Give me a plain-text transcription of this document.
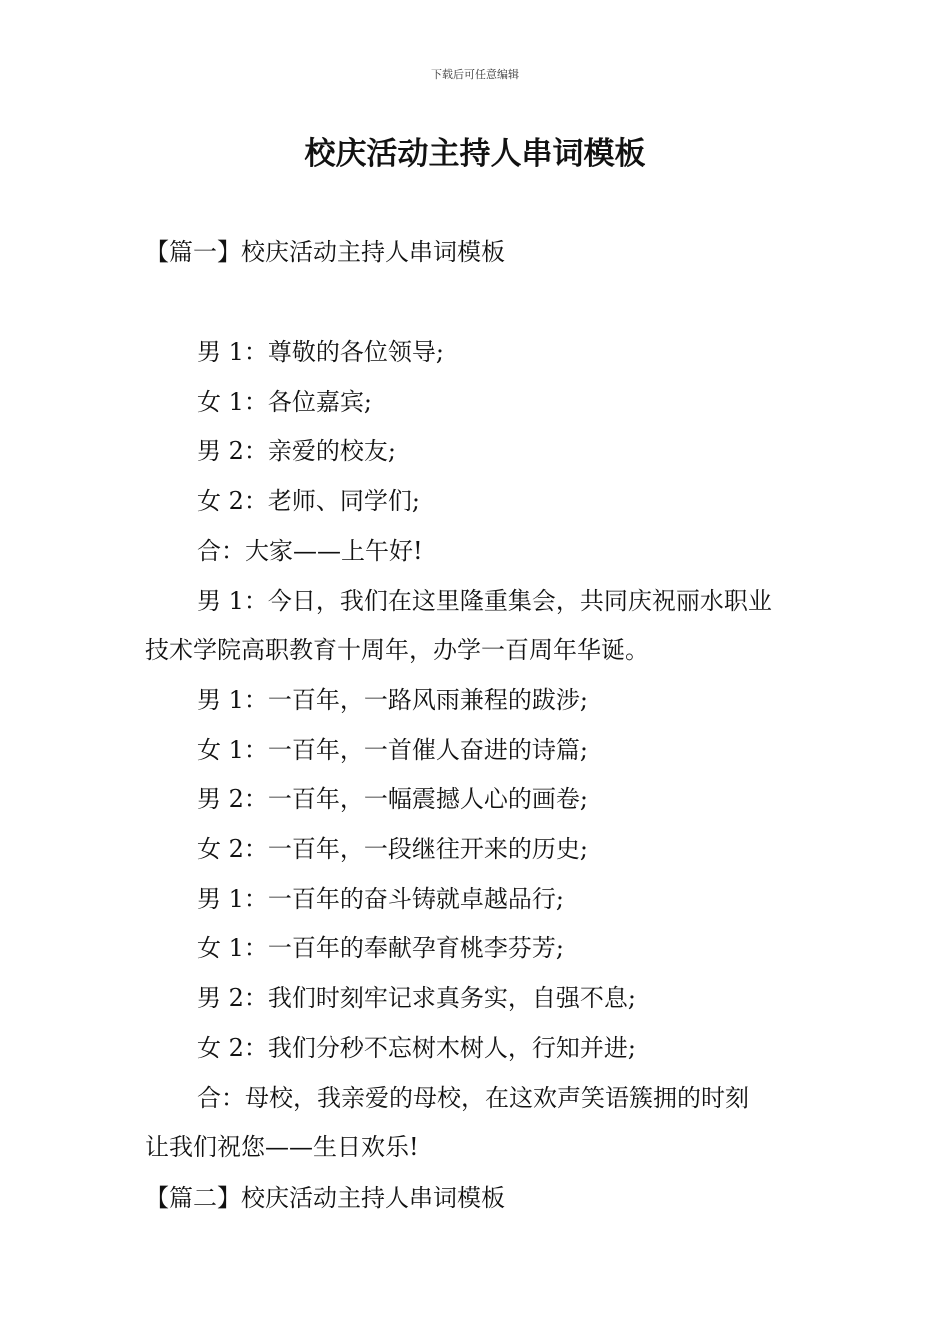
下载后可任意编辑
校庆活动主持人串词模板
【篇一】校庆活动主持人串词模板
男 1：尊敬的各位领导;
女 1：各位嘉宾;
男 2：亲爱的校友;
女 2：老师、同学们;
合：大家——上午好!
男 1：今日，我们在这里隆重集会，共同庆祝丽水职业
技术学院高职教育十周年，办学一百周年华诞。
男 1：一百年，一路风雨兼程的跋涉;
女 1：一百年，一首催人奋进的诗篇;
男 2：一百年，一幅震撼人心的画卷;
女 2：一百年，一段继往开来的历史;
男 1：一百年的奋斗铸就卓越品行;
女 1：一百年的奉献孕育桃李芬芳;
男 2：我们时刻牢记求真务实，自强不息;
女 2：我们分秒不忘树木树人，行知并进;
合：母校，我亲爱的母校，在这欢声笑语簇拥的时刻
让我们祝您——生日欢乐!
【篇二】校庆活动主持人串词模板
